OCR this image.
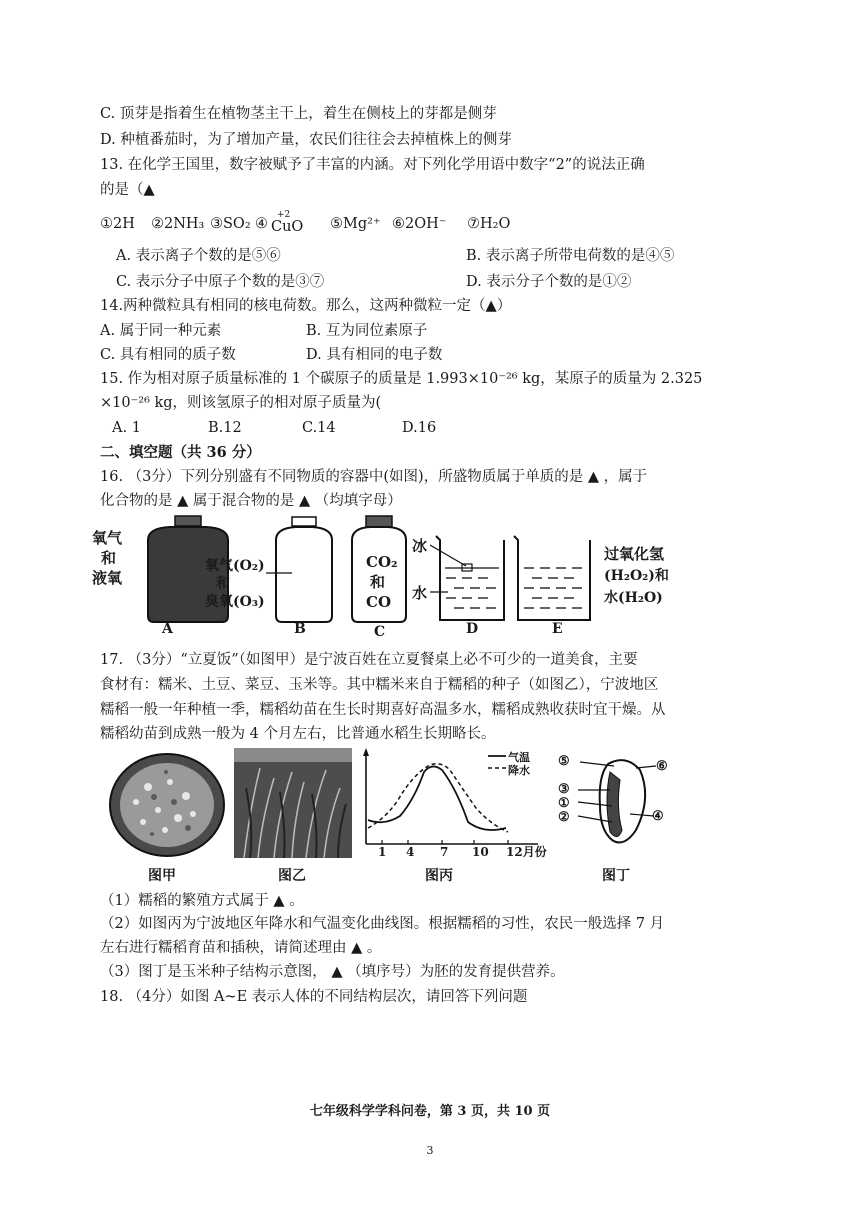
C. 顶芽是指着生在植物茎主干上，着生在侧枝上的芽都是侧芽
D. 种植番茄时，为了增加产量，农民们往往会去掉植株上的侧芽
13. 在化学王国里，数字被赋予了丰富的内涵。对下列化学用语中数字“2”的说法正确
的是（▲
①2H ②2NH₃ ③SO₂ ④
+2
CuO ⑤Mg²⁺ ⑥2OH⁻ ⑦H₂O
A. 表示离子个数的是⑤⑥	B. 表示离子所带电荷数的是④⑤
C. 表示分子中原子个数的是③⑦	D. 表示分子个数的是①②
14.两种微粒具有相同的核电荷数。那么，这两种微粒一定（▲）
A. 属于同一种元素	B. 互为同位素原子
C. 具有相同的质子数	D. 具有相同的电子数
15. 作为相对原子质量标准的 1 个碳原子的质量是 1.993×10⁻²⁶ kg，某原子的质量为 2.325
×10⁻²⁶ kg，则该氢原子的相对原子质量为(
A. 1	B.12	C.14	D.16
二、填空题（共 36 分）
16. （3分）下列分别盛有不同物质的容器中(如图)，所盛物质属于单质的是 ▲ ，属于
化合物的是 ▲ 属于混合物的是 ▲ （均填字母）
氧气
和
液氧
氧气(O₂)
和
臭氧(O₃)
CO₂
和
CO
冰
水
过氧化氢
(H₂O₂)和
水(H₂O)
A	B	C	D	E
17. （3分）“立夏饭”（如图甲）是宁波百姓在立夏餐桌上必不可少的一道美食，主要
食材有：糯米、土豆、菜豆、玉米等。其中糯米来自于糯稻的种子（如图乙），宁波地区
糯稻一般一年种植一季，糯稻幼苗在生长时期喜好高温多水，糯稻成熟收获时宜干燥。从
糯稻幼苗到成熟一般为 4 个月左右，比普通水稻生长期略长。
气温
降水
1 4 7 10 12月份
⑤	⑥
③
①
②	④
图甲	图乙	图丙	图丁
（1）糯稻的繁殖方式属于 ▲ 。
（2）如图丙为宁波地区年降水和气温变化曲线图。根据糯稻的习性，农民一般选择 7 月
左右进行糯稻育苗和插秧，请简述理由 ▲ 。
（3）图丁是玉米种子结构示意图， ▲ （填序号）为胚的发育提供营养。
18. （4分）如图 A~E 表示人体的不同结构层次，请回答下列问题
七年级科学学科问卷，第 3 页，共 10 页
3
